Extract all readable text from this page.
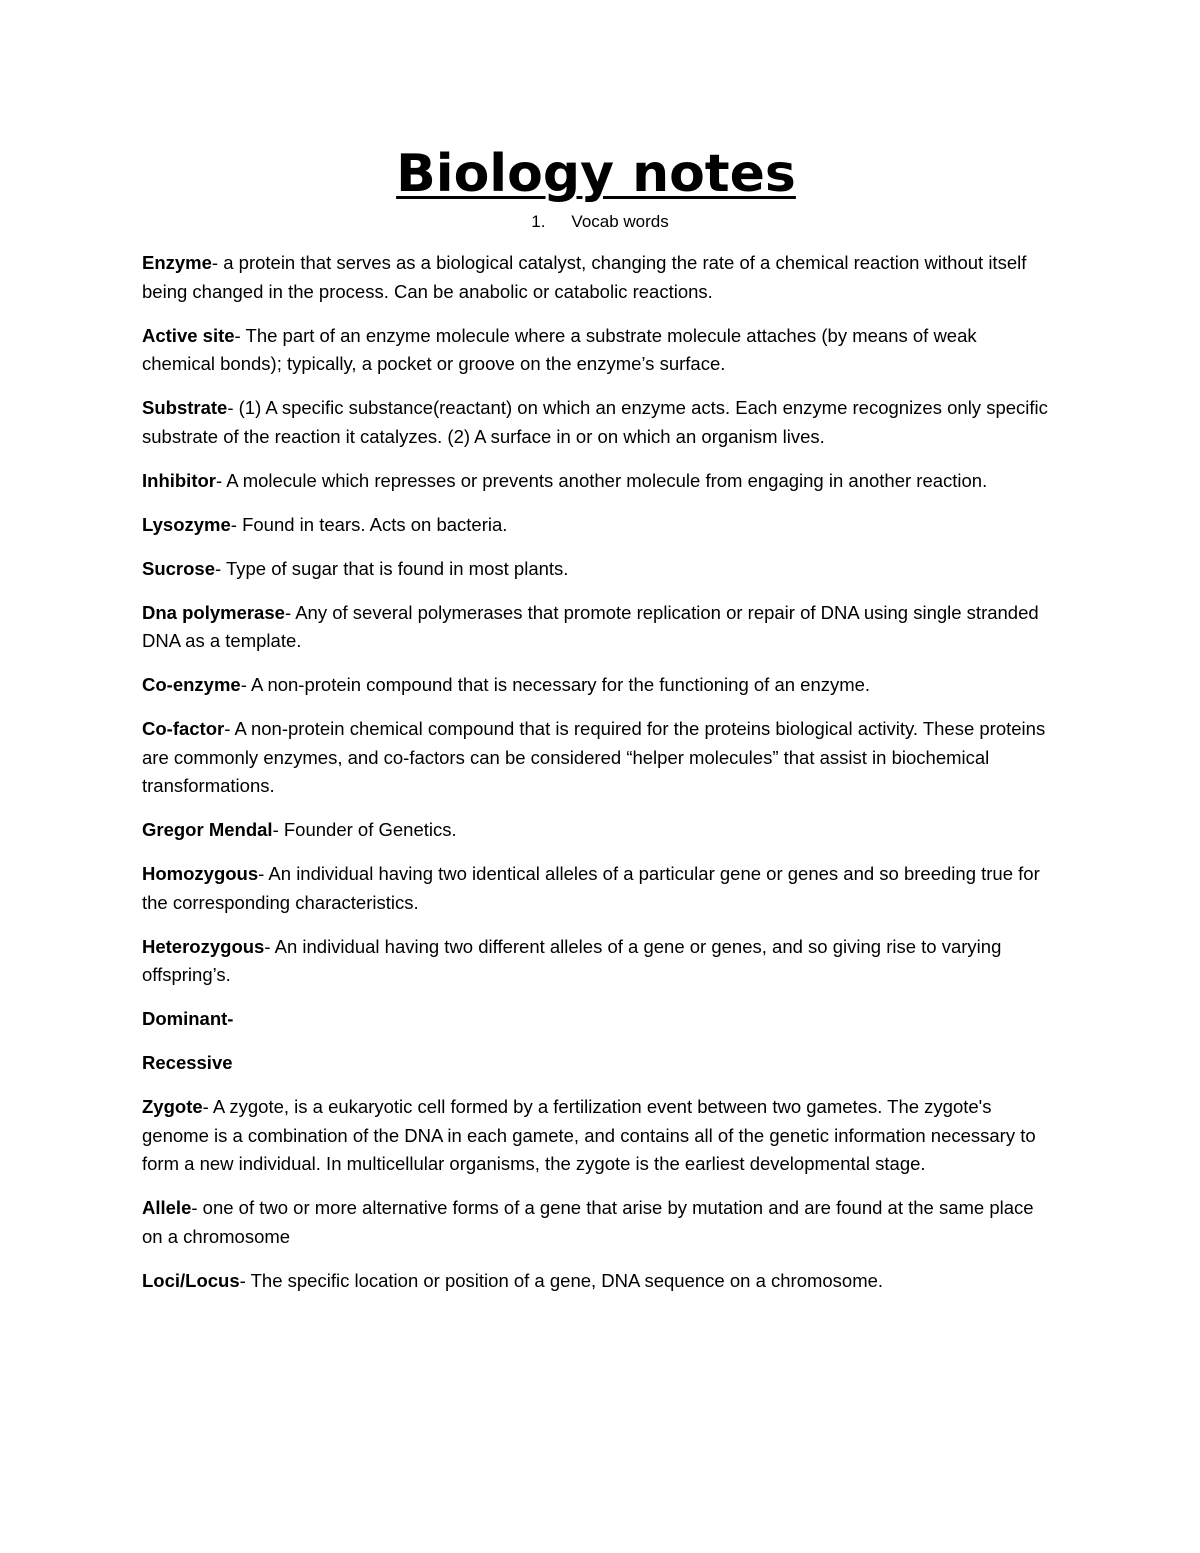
Biology notes

1. Vocab words

Enzyme- a protein that serves as a biological catalyst, changing the rate of a chemical reaction without itself being changed in the process. Can be anabolic or catabolic reactions.

Active site- The part of an enzyme molecule where a substrate molecule attaches (by means of weak chemical bonds); typically, a pocket or groove on the enzyme’s surface.

Substrate- (1) A specific substance(reactant) on which an enzyme acts. Each enzyme recognizes only specific substrate of the reaction it catalyzes. (2) A surface in or on which an organism lives.

Inhibitor- A molecule which represses or prevents another molecule from engaging in another reaction.

Lysozyme- Found in tears. Acts on bacteria.

Sucrose- Type of sugar that is found in most plants.

Dna polymerase- Any of several polymerases that promote replication or repair of DNA using single stranded DNA as a template.

Co-enzyme- A non-protein compound that is necessary for the functioning of an enzyme.

Co-factor- A non-protein chemical compound that is required for the proteins biological activity. These proteins are commonly enzymes, and co-factors can be considered “helper molecules” that assist in biochemical transformations.

Gregor Mendal- Founder of Genetics.

Homozygous- An individual having two identical alleles of a particular gene or genes and so breeding true for the corresponding characteristics.

Heterozygous- An individual having two different alleles of a gene or genes, and so giving rise to varying offspring’s.

Dominant-

Recessive

Zygote- A zygote, is a eukaryotic cell formed by a fertilization event between two gametes. The zygote's genome is a combination of the DNA in each gamete, and contains all of the genetic information necessary to form a new individual. In multicellular organisms, the zygote is the earliest developmental stage.

Allele- one of two or more alternative forms of a gene that arise by mutation and are found at the same place on a chromosome

Loci/Locus- The specific location or position of a gene, DNA sequence on a chromosome.
